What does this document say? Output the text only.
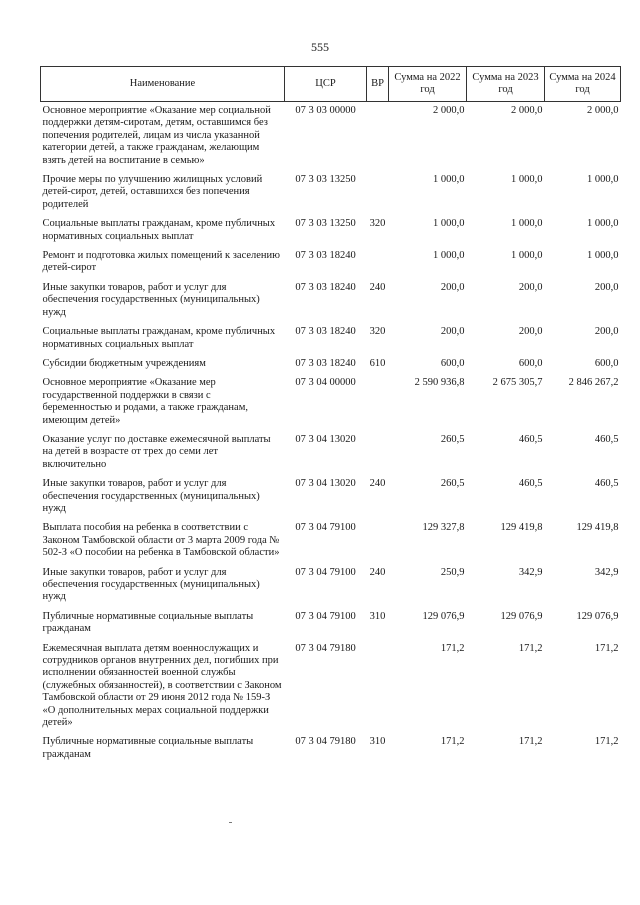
555
Наименование	ЦСР	ВР	Сумма на 2022 год	Сумма на 2023 год	Сумма на 2024 год
Основное мероприятие «Оказание мер социальной поддержки детям-сиротам, детям, оставшимся без попечения родителей, лицам из числа указанной категории детей, а также гражданам, желающим взять детей на воспитание в семью»	07 3 03 00000		2 000,0	2 000,0	2 000,0
Прочие меры по улучшению жилищных условий детей-сирот, детей, оставшихся без попечения родителей	07 3 03 13250		1 000,0	1 000,0	1 000,0
Социальные выплаты гражданам, кроме публичных нормативных социальных выплат	07 3 03 13250	320	1 000,0	1 000,0	1 000,0
Ремонт и подготовка жилых помещений к заселению детей-сирот	07 3 03 18240		1 000,0	1 000,0	1 000,0
Иные закупки товаров, работ и услуг для обеспечения государственных (муниципальных) нужд	07 3 03 18240	240	200,0	200,0	200,0
Социальные выплаты гражданам, кроме публичных нормативных социальных выплат	07 3 03 18240	320	200,0	200,0	200,0
Субсидии бюджетным учреждениям	07 3 03 18240	610	600,0	600,0	600,0
Основное мероприятие «Оказание мер государственной поддержки в связи с беременностью и родами, а также гражданам, имеющим детей»	07 3 04 00000		2 590 936,8	2 675 305,7	2 846 267,2
Оказание услуг по доставке ежемесячной выплаты на детей в возрасте от трех до семи лет включительно	07 3 04 13020		260,5	460,5	460,5
Иные закупки товаров, работ и услуг для обеспечения государственных (муниципальных) нужд	07 3 04 13020	240	260,5	460,5	460,5
Выплата пособия на ребенка в соответствии с Законом Тамбовской области от 3 марта 2009 года № 502-З «О пособии на ребенка в Тамбовской области»	07 3 04 79100		129 327,8	129 419,8	129 419,8
Иные закупки товаров, работ и услуг для обеспечения государственных (муниципальных) нужд	07 3 04 79100	240	250,9	342,9	342,9
Публичные нормативные социальные выплаты гражданам	07 3 04 79100	310	129 076,9	129 076,9	129 076,9
Ежемесячная выплата детям военнослужащих и сотрудников органов внутренних дел, погибших при исполнении обязанностей военной службы (служебных обязанностей), в соответствии с Законом Тамбовской области от 29 июня 2012 года № 159-З «О дополнительных мерах социальной поддержки детей»	07 3 04 79180		171,2	171,2	171,2
Публичные нормативные социальные выплаты гражданам	07 3 04 79180	310	171,2	171,2	171,2
